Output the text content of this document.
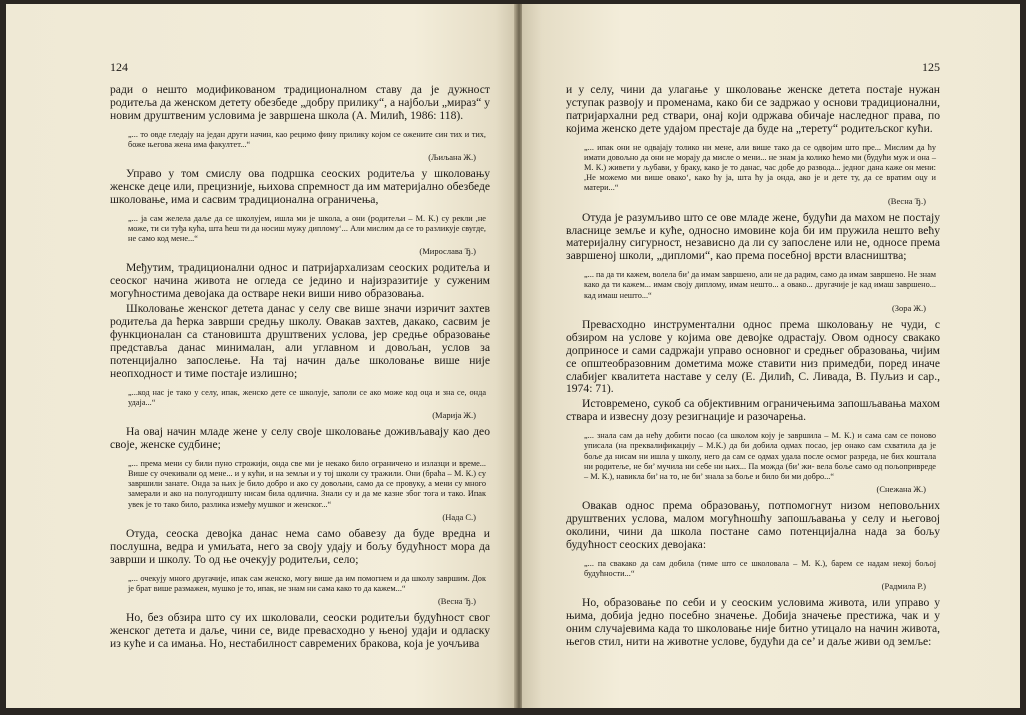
124

ради о нешто модификованом традиционалном ставу да је дужност родитеља да женском детету обезбеде „добру прилику“, а најбољи „мираз“ у новим друштвеним условима је завршена школа (А. Милић, 1986: 118).

„... то овде гледају на један други начин, као рецимо фину прилику којом се ожените син тих и тих, боже његова жена има факултет...“
(Љиљана Ж.)

Управо у том смислу ова подршка сеоских родитеља у школовању женске деце или, прецизније, њихова спремност да им материјално обезбеде школовање, има и сасвим традиционална ограничења,

„... ја сам желела даље да се школујем, ишла ми је школа, а они (родитељи – М. К.) су рекли ,не може, ти си туђа кућа, шта ћеш ти да носиш мужу диплому‘... Али мислим да се то разликује свугде, не само код мене...“
(Мирослава Ђ.)

Међутим, традиционални однос и патријархализам сеоских родитеља и сеоског начина живота не огледа се једино и најизразитије у суженим могућностима девојака да остваре неки виши ниво образовања.

Школовање женског детета данас у селу све више значи изричит захтев родитеља да ћерка заврши средњу школу. Овакав захтев, дакако, сасвим је функционалан са становишта друштвених услова, јер средње образовање представља данас минималан, али углавном и довољан, услов за потенцијално запослење. На тај начин даље школовање више није неопходност и тиме постаје излишно;

„...код нас је тако у селу, ипак, женско дете се школује, заполи се ако може код оца и зна се, онда удаја...“
(Марија Ж.)

На овај начин младе жене у селу своје школовање доживљавају као део своје, женске судбине;

„... према мени су били пуно строжији, онда све ми је некако било ограничено и излазци и време... Више су очекивали од мене... и у кући, и на земљи и у тој школи су тражили. Они (браћа – М. К.) су завршили занате. Онда за њих је било добро и ако су довољни, само да се провуку, а мени су много замерали и ако на полугодишту нисам била одлична. Знали су и да ме казне због тога и тако. Ипак увек је то тако било, разлика између мушког и женског...“
(Нада С.)

Отуда, сеоска девојка данас нема само обавезу да буде вредна и послушна, ведра и умиљата, него за своју удају и бољу будућност мора да заврши и школу. То од ње очекују родитељи, село;

„... очекују много другачије, ипак сам женско, могу више да им помогнем и да школу завршим. Док је брат више размажен, мушко је то, ипак, не знам ни сама како то да кажем...“
(Весна Ђ.)

Но, без обзира што су их школовали, сеоски родитељи будућност свог женског детета и даље, чини се, виде превасходно у њеној удаји и одласку из куће и са имања. Но, нестабилност савремених бракова, која је уочљива

125

и у селу, чини да улагање у школовање женске детета постаје нужан уступак развоју и променама, како би се задржао у основи традиционални, патријархални ред ствари, онај који одржава обичаје наследног права, по којима женско дете удајом престаје да буде на „терету“ родитељског кући.

„... ипак они не одвајају толико ни мене, али више тако да се одвојим што пре... Мислим да ћу имати довољно да они не морају да мисле о мени... не знам ја колико ћемо ми (будући муж и она – М. К.) живети у љубави, у браку, како је то данас, час добе до развода... једног дана каже он мени: ,Не можемо ми више овако‘, како ћу ја, шта ћу ја онда, ако је и дете ту, да се вратим оцу и матери...“
(Весна Ђ.)

Отуда је разумљиво што се ове младе жене, будући да махом не постају власнице земље и куће, односно имовине која би им пружила нешто већу материјалну сигурност, независно да ли су запослене или не, односе према завршеној школи, „дипломи“, као према посебној врсти власништва;

„... па да ти кажем, волела би’ да имам завршено, али не да радим, само да имам завршено. Не знам како да ти кажем... имам своју диплому, имам нешто... а овако... другачије је кад имаш завршено... кад имаш нешто...“
(Зора Ж.)

Превасходно инструментални однос према школовању не чуди, с обзиром на услове у којима ове девојке одрастају. Овом односу свакако доприносе и сами садржаји управо основног и средњег образовања, чијим се општеобразовним дометима може ставити низ примедби, поред иначе слабијег квалитета наставе у селу (Е. Дилић, С. Ливада, В. Пуљиз и сар., 1974: 71).

Истовремено, сукоб са објективним ограничењима запошљавања махом ствара и извесну дозу резигнације и разочарења.

„... знала сам да нећу добити посао (са школом коју је завршила – М. К.) и сама сам се поново уписала (на преквалификацију – М.К.) да би добила одмах посао, јер онако сам схватила да је боље да нисам ни ишла у школу, него да сам се одмах удала после осмог разреда, не бих коштала ни родитеље, не би’ мучила ни себе ни њих... Па можда (би’ жи- вела боље само од пољопривреде – М. К.), навикла би’ на то, не би’ знала за боље и било би ми добро...“
(Снежана Ж.)

Овакав однос према образовању, потпомогнут низом неповољних друштвених услова, малом могућношћу запошљавања у селу и његовој околини, чини да школа постане само потенцијална нада за бољу будућност сеоских девојака:

„... па свакако да сам добила (тиме што се школовала – М. К.), барем се надам некој бољој будућности...“
(Радмила Р.)

Но, образовање по себи и у сеоским условима живота, или управо у њима, добија једно посебно значење. Добија значење престижа, чак и у оним случајевима када то школовање није битно утицало на начин живота, његов стил, нити на животне услове, будући да се’ и даље живи од земље:
